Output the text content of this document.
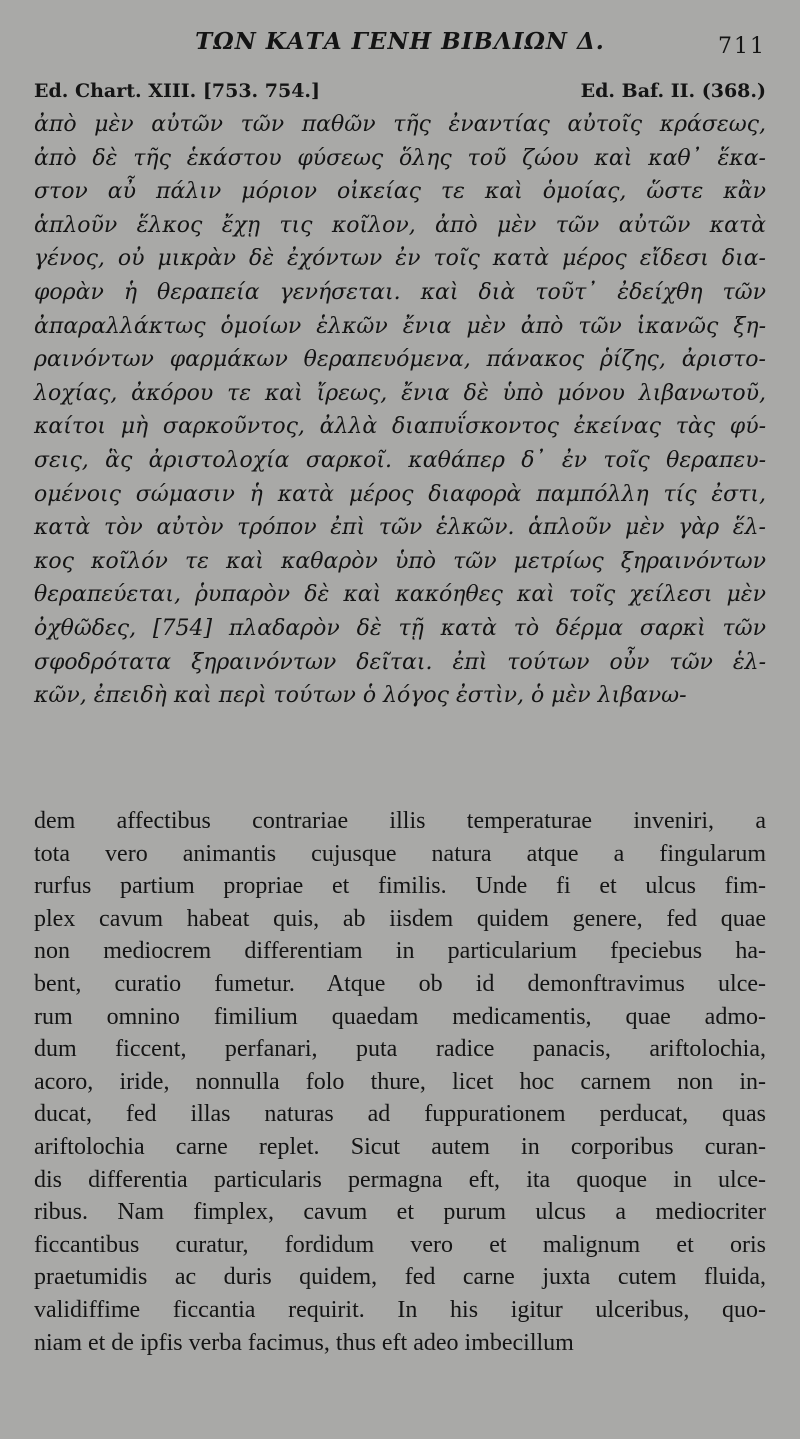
ΤΩΝ ΚΑΤΑ ΓΕΝΗ ΒΙΒΛΙΩΝ Δ.	711
Ed. Chart. XIII. [753. 754.]	Ed. Baf. II. (368.)
ἀπὸ μὲν αὐτῶν τῶν παθῶν τῆς ἐναντίας αὐτοῖς κράσεως,
ἀπὸ δὲ τῆς ἑκάστου φύσεως ὅλης τοῦ ζώου καὶ καθ᾽ ἕκα-
στον αὖ πάλιν μόριον οἰκείας τε καὶ ὁμοίας, ὥστε κἂν
ἁπλοῦν ἕλκος ἔχῃ τις κοῖλον, ἀπὸ μὲν τῶν αὐτῶν κατὰ
γένος, οὐ μικρὰν δὲ ἐχόντων ἐν τοῖς κατὰ μέρος εἴδεσι δια-
φορὰν ἡ θεραπεία γενήσεται. καὶ διὰ τοῦτ᾽ ἐδείχθη τῶν
ἀπαραλλάκτως ὁμοίων ἑλκῶν ἔνια μὲν ἀπὸ τῶν ἱκανῶς ξη-
ραινόντων φαρμάκων θεραπευόμενα, πάνακος ῥίζης, ἀριστο-
λοχίας, ἀκόρου τε καὶ ἴρεως, ἔνια δὲ ὑπὸ μόνου λιβανωτοῦ,
καίτοι μὴ σαρκοῦντος, ἀλλὰ διαπυΐσκοντος ἐκείνας τὰς φύ-
σεις, ἃς ἀριστολοχία σαρκοῖ. καθάπερ δ᾽ ἐν τοῖς θεραπευ-
ομένοις σώμασιν ἡ κατὰ μέρος διαφορὰ παμπόλλη τίς ἐστι,
κατὰ τὸν αὐτὸν τρόπον ἐπὶ τῶν ἑλκῶν. ἁπλοῦν μὲν γὰρ ἕλ-
κος κοῖλόν τε καὶ καθαρὸν ὑπὸ τῶν μετρίως ξηραινόντων
θεραπεύεται, ῥυπαρὸν δὲ καὶ κακόηθες καὶ τοῖς χείλεσι μὲν
ὀχθῶδες, [754] πλαδαρὸν δὲ τῇ κατὰ τὸ δέρμα σαρκὶ τῶν
σφοδρότατα ξηραινόντων δεῖται. ἐπὶ τούτων οὖν τῶν ἑλ-
κῶν, ἐπειδὴ καὶ περὶ τούτων ὁ λόγος ἐστὶν, ὁ μὲν λιβανω-
dem affectibus contrariae illis temperaturae inveniri, a
tota vero animantis cujusque natura atque a fingularum
rurfus partium propriae et fimilis. Unde fi et ulcus fim-
plex cavum habeat quis, ab iisdem quidem genere, fed quae
non mediocrem differentiam in particularium fpeciebus ha-
bent, curatio fumetur. Atque ob id demonftravimus ulce-
rum omnino fimilium quaedam medicamentis, quae admo-
dum ficcent, perfanari, puta radice panacis, ariftolochia,
acoro, iride, nonnulla folo thure, licet hoc carnem non in-
ducat, fed illas naturas ad fuppurationem perducat, quas
ariftolochia carne replet. Sicut autem in corporibus curan-
dis differentia particularis permagna eft, ita quoque in ulce-
ribus. Nam fimplex, cavum et purum ulcus a mediocriter
ficcantibus curatur, fordidum vero et malignum et oris
praetumidis ac duris quidem, fed carne juxta cutem fluida,
validiffime ficcantia requirit. In his igitur ulceribus, quo-
niam et de ipfis verba facimus, thus eft adeo imbecillum
